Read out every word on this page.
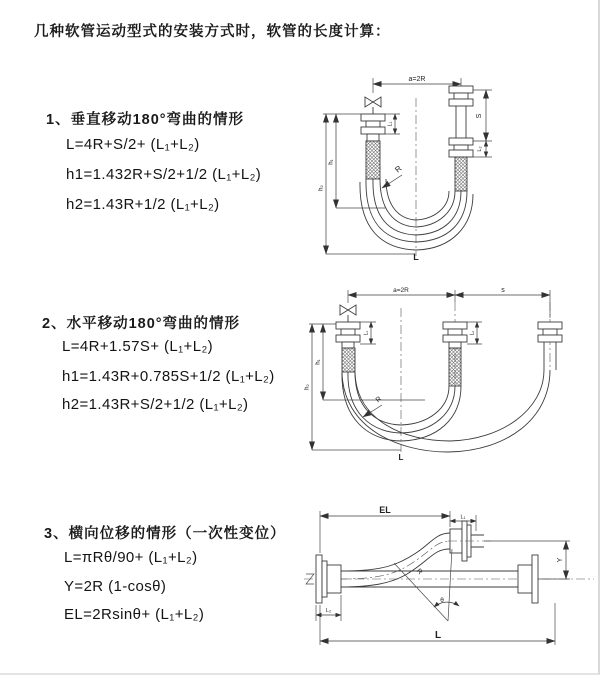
几种软管运动型式的安装方式时，软管的长度计算：
1、垂直移动180°弯曲的情形
L=4R+S/2+ (L₁+L₂)
h1=1.432R+S/2+1/2 (L₁+L₂)
h2=1.43R+1/2 (L₁+L₂)
a=2R
S
L₂
L₁
h₁
h₂
R
L
2、水平移动180°弯曲的情形
L=4R+1.57S+ (L₁+L₂)
h1=1.43R+0.785S+1/2 (L₁+L₂)
h2=1.43R+S/2+1/2 (L₁+L₂)
a=2R	s
L₁	L₂
h₁
h₂
R
L
3、横向位移的情形（一次性变位）
L=πRθ/90+ (L₁+L₂)
Y=2R (1-cosθ)
EL=2Rsinθ+ (L₁+L₂)
θ
R
EL
L₁
Y
L
L₂
